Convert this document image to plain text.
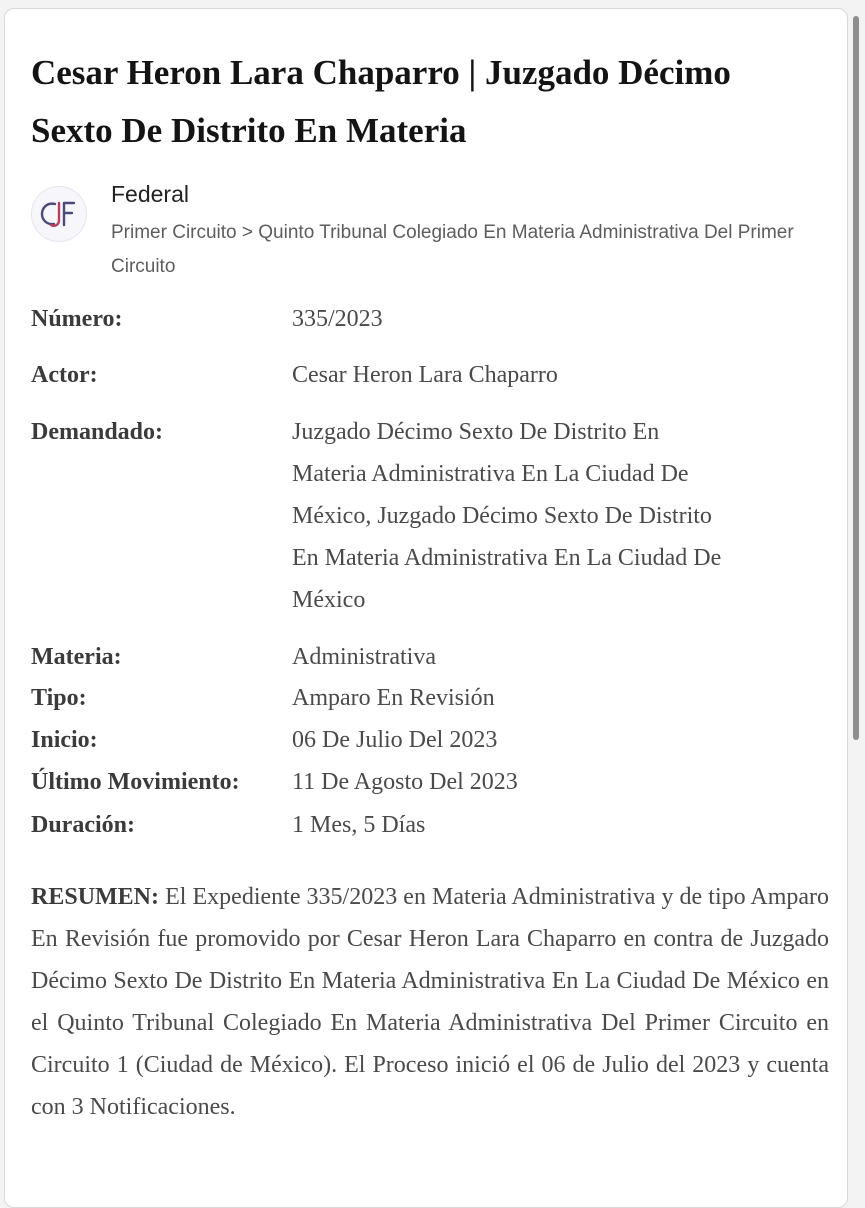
Cesar Heron Lara Chaparro | Juzgado Décimo Sexto De Distrito En Materia
Federal
Primer Circuito > Quinto Tribunal Colegiado En Materia Administrativa Del Primer Circuito
Número:	335/2023
Actor:	Cesar Heron Lara Chaparro
Demandado:	Juzgado Décimo Sexto De Distrito En Materia Administrativa En La Ciudad De México, Juzgado Décimo Sexto De Distrito En Materia Administrativa En La Ciudad De México
Materia:	Administrativa
Tipo:	Amparo En Revisión
Inicio:	06 De Julio Del 2023
Último Movimiento: 11 De Agosto Del 2023
Duración:	1 Mes, 5 Días

RESUMEN: El Expediente 335/2023 en Materia Administrativa y de tipo Amparo En Revisión fue promovido por Cesar Heron Lara Chaparro en contra de Juzgado Décimo Sexto De Distrito En Materia Administrativa En La Ciudad De México en el Quinto Tribunal Colegiado En Materia Administrativa Del Primer Circuito en Circuito 1 (Ciudad de México). El Proceso inició el 06 de Julio del 2023 y cuenta con 3 Notificaciones.
